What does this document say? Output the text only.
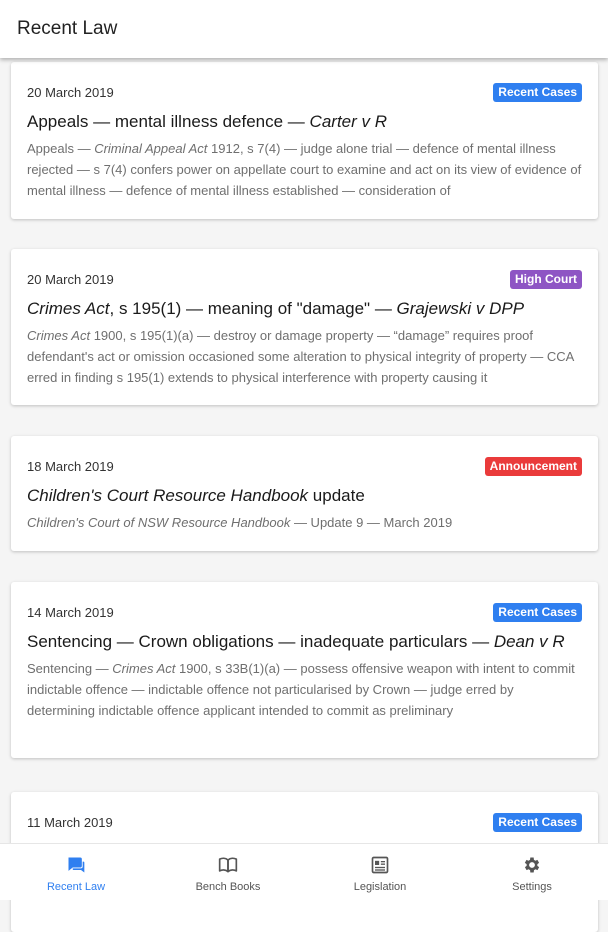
Recent Law
20 March 2019	Recent Cases
Appeals — mental illness defence — Carter v R
Appeals — Criminal Appeal Act 1912, s 7(4) — judge alone trial — defence of mental illness rejected — s 7(4) confers power on appellate court to examine and act on its view of evidence of mental illness — defence of mental illness established — consideration of
20 March 2019	High Court
Crimes Act, s 195(1) — meaning of "damage" — Grajewski v DPP
Crimes Act 1900, s 195(1)(a) — destroy or damage property — “damage” requires proof defendant's act or omission occasioned some alteration to physical integrity of property — CCA erred in finding s 195(1) extends to physical interference with property causing it
18 March 2019	Announcement
Children's Court Resource Handbook update
Children's Court of NSW Resource Handbook — Update 9 — March 2019
14 March 2019	Recent Cases
Sentencing — Crown obligations — inadequate particulars — Dean v R
Sentencing — Crimes Act 1900, s 33B(1)(a) — possess offensive weapon with intent to commit indictable offence — indictable offence not particularised by Crown — judge erred by determining indictable offence applicant intended to commit as preliminary
11 March 2019	Recent Cases
Recent Law	Bench Books	Legislation	Settings
